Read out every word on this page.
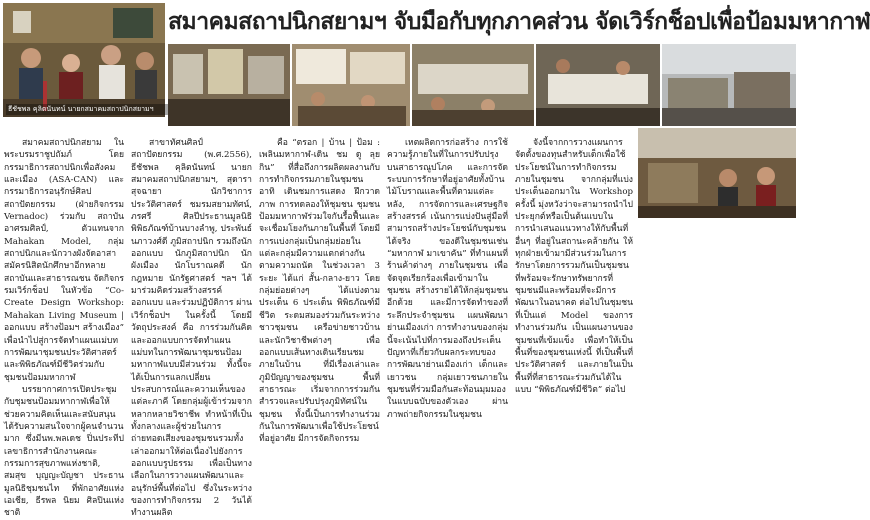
ธีชัชพล คุลิตนันทน์ นายกสมาคมสถาปนิกสยามฯ
สมาคมสถาปนิกสยามฯ จับมือกับทุกภาคส่วน จัดเวิร์กช็อปเพื่อป้อมมหากาฬ

สมาคมสถาปนิกสยาม ในพระบรมราชูปถัมภ์ โดยกรรมาธิการสถาปนิกเพื่อสังคมและเมือง (ASA-CAN) และกรรมาธิการอนุรักษ์ศิลปสถาปัตยกรรม (ฝ่ายกิจกรรม Vernadoc) ร่วมกับ สถาบันอาศรมศิลป์, ตัวแทนจาก Mahakan Model, กลุ่มสถาปนิกและนักวางผังจัดอาสาสมัครนิสิตนักศึกษาอีกหลายสถาบันและสาธารณชน จัดกิจกรรมเวิร์กช็อป ในหัวข้อ “Co-Create Design Workshop: Mahakan Living Museum | ออกแบบ สร้างป้อมฯ สร้างเมือง” เพื่อนำไปสู่การจัดทำแผนแม่บทการพัฒนาชุมชนประวัติศาสตร์และพิพิธภัณฑ์มีชีวิตร่วมกับชุมชนป้อมมหากาฬ

บรรยากาศการเปิดประชุมกับชุมชนป้อมมหากาฬเพื่อให้ช่วยความคิดเห็นและสนับสนุน ได้รับความสนใจจากผู้คนจำนวนมาก ซึ่งมีนพ.พลเดช ปิ่นประทีป เลขาธิการสำนักงานคณะกรรมการสุขภาพแห่งชาติ, สมสุข บุญญะบัญชา ประธานมูลนิธิชุมชนไท ที่พักอาศัยแห่งเอเชีย, ธีรพล นิยม ศิลปินแห่งชาติ

สาขาทัศนศิลป์ สถาปัตยกรรม (พ.ศ.2556), ธีชัชพล คุลิตนันทน์ นายกสมาคมสถาปนิกสยามฯ, สุดารา สุจฉายา นักวิชาการประวัติศาสตร์ ชมรมสยามทัศน์, ภรศรี ศิลปีประธานมูลนิธิพิพิธภัณฑ์บ้านบางลำพู, ประพันธ์ นภาวงศ์ดี ภูมิสถาปนิก รวมถึงนักออกแบบ นักภูมิสถาปนิก นักผังเมือง นักโบราณคดี นักกฎหมาย นักรัฐศาสตร์ ฯลฯ ได้มาร่วมคิดร่วมสร้างสรรค์ออกแบบ และร่วมปฏิบัติการ ผ่านเวิร์กช็อปฯ ในครั้งนี้ โดยมีวัตถุประสงค์ คือ การร่วมกันคิดและออกแบบการจัดทำแผนแม่บทในการพัฒนาชุมชนป้อมมหากาฬแบบมีส่วนร่วม ทั้งนี้จะได้เป็นการแลกเปลี่ยนประสบการณ์และความเห็นของแต่ละภาคี โดยกลุ่มผู้เข้าร่วมจากหลากหลายวิชาชีพ ทำหน้าที่เป็นทั้งกลางและผู้ช่วยในการถ่ายทอดเสียงของชุมชนรวมทั้งเล่าออกมาให้ต่อเนื่องไปยังการออกแบบรูปธรรม เพื่อเป็นทางเลือกในการวางแผนพัฒนาและอนุรักษ์พื้นที่ต่อไป ซึ่งในระหว่างของการทำกิจกรรม 2 วันได้ทำงานผลิต

คือ “ตรอก | บ้าน | ป้อม : เพลินมหากาฬ-เดิน ชม ดู ลุย กิน” ที่สื่อถึงการผลิตผลงานกับการทำกิจกรรมภายในชุมชน อาทิ เดินชมการแสดง ฝึกวาดภาพ การทดลองให้ชุมชน ชุมชนป้อมมหากาฬร่วมใจกันรื้อฟื้นและจะเชื่อมโยงกันภายในพื้นที่ โดยมีการแบ่งกลุ่มเป็นกลุ่มย่อยในแต่ละกลุ่มมีความแตกต่างกันตามความถนัด ในช่วงเวลา 3 ระยะ ได้แก่ สั้น-กลาง-ยาว โดยกลุ่มย่อยต่างๆ ได้แบ่งตามประเด็น 6 ประเด็น พิพิธภัณฑ์มีชีวิต ระดมสมองร่วมกันระหว่างชาวชุมชน เครือข่ายชาวบ้าน และนักวิชาชีพต่างๆ เพื่อออกแบบเส้นทางเดินเรียนชมภายในบ้าน ที่มีเรื่องเล่าและภูมิปัญญาของชุมชน พื้นที่สาธารณะ เริ่มจากการร่วมกันสำรวจและปรับปรุงภูมิทัศน์ในชุมชน ทั้งนี้เป็นการทำงานร่วมกันในการพัฒนาเพื่อใช้ประโยชน์ ที่อยู่อาศัย มีการจัดกิจกรรม

เหตผลิตการก่อสร้าง การใช้ความรู้ภายในที่ในการปรับปรุงบนสาธารณูปโภค และการจัดระบบการรักษาที่อยู่อาศัยทั้งบ้านไม้โบราณและพื้นที่ตามแต่ละหลัง, การจัดการและเศรษฐกิจสร้างสรรค์ เน้นการแบ่งปันสู่มือที่สามารถสร้างประโยชน์กับชุมชนได้จริง ของดีในชุมชนเช่น “มหากาฬ มาเขาคัน” ที่ทำแผนที่ร้านค้าต่างๆ ภายในชุมชน เพื่อจัดจุดเรียกร้องเพื่อเข้ามาในชุมชน สร้างรายได้ให้กลุ่มชุมชนอีกด้วย และมีการจัดทำของที่ระลึกประจำชุมชน แผนพัฒนาย่านเมืองเก่า การทำงานของกลุ่มนี้จะเน้นไปที่การมองถึงประเด็นปัญหาที่เกี่ยวกับผลกระทบของการพัฒนาย่านเมืองเก่า เด็กและเยาวชน กลุ่มเยาวชนภายในชุมชนที่ร่วมมือกันสะท้อนมุมมองในแบบฉบับของตัวเอง ผ่านภาพถ่ายกิจกรรมในชุมชน

จังนี้จากการวางแผนการจัดตั้งของทุนสำหรับเด็กเพื่อใช้ประโยชน์ในการทำกิจกรรมภายในชุมชน จากกลุ่มที่แบ่งประเด็นออกมาใน Workshop ครั้งนี้ มุ่งหวังว่าจะสามารถนำไปประยุกต์หรือเป็นต้นแบบในการนำเสนอแนวทางให้กับพื้นที่อื่นๆ ที่อยู่ในสถานะคล้ายกัน ให้ทุกฝ่ายเข้ามามีส่วนร่วมในการรักษาโดยการรวมกันเป็นชุมชนที่พร้อมจะรักษาทรัพยากรที่ชุมชนมีและพร้อมที่จะมีการพัฒนาในอนาคต ต่อไปในชุมชนที่เป็นแต่ Model ของการทำงานร่วมกัน เป็นแผนงานของชุมชนที่เข้มแข็ง เพื่อทำให้เป็นพื้นที่ของชุมชนแห่งนี้ ที่เป็นพื้นที่ประวัติศาสตร์ และภายในเป็นพื้นที่ที่สาธารณะร่วมกันได้ในแบบ “พิพิธภัณฑ์มีชีวิต” ต่อไป
